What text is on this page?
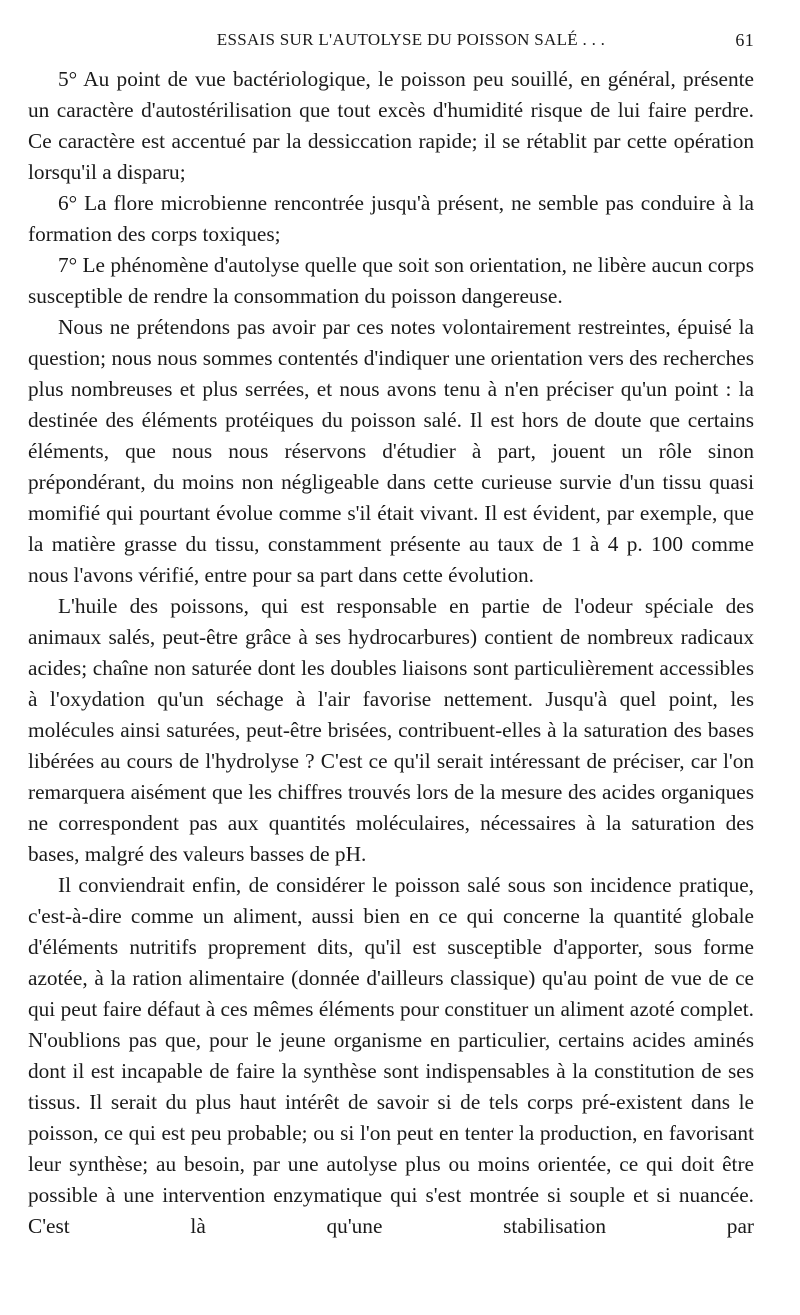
ESSAIS SUR L'AUTOLYSE DU POISSON SALÉ . . .	61

5° Au point de vue bactériologique, le poisson peu souillé, en général, présente un caractère d'autostérilisation que tout excès d'humidité risque de lui faire perdre. Ce caractère est accentué par la dessiccation rapide; il se rétablit par cette opération lorsqu'il a disparu;

6° La flore microbienne rencontrée jusqu'à présent, ne semble pas conduire à la formation des corps toxiques;

7° Le phénomène d'autolyse quelle que soit son orientation, ne libère aucun corps susceptible de rendre la consommation du poisson dangereuse.

Nous ne prétendons pas avoir par ces notes volontairement restreintes, épuisé la question; nous nous sommes contentés d'indiquer une orientation vers des recherches plus nombreuses et plus serrées, et nous avons tenu à n'en préciser qu'un point : la destinée des éléments protéiques du poisson salé. Il est hors de doute que certains éléments, que nous nous réservons d'étudier à part, jouent un rôle sinon prépondérant, du moins non négligeable dans cette curieuse survie d'un tissu quasi momifié qui pourtant évolue comme s'il était vivant. Il est évident, par exemple, que la matière grasse du tissu, constamment présente au taux de 1 à 4 p. 100 comme nous l'avons vérifié, entre pour sa part dans cette évolution.

L'huile des poissons, qui est responsable en partie de l'odeur spéciale des animaux salés, peut-être grâce à ses hydrocarbures) contient de nombreux radicaux acides; chaîne non saturée dont les doubles liaisons sont particulièrement accessibles à l'oxydation qu'un séchage à l'air favorise nettement. Jusqu'à quel point, les molécules ainsi saturées, peut-être brisées, contribuent-elles à la saturation des bases libérées au cours de l'hydrolyse ? C'est ce qu'il serait intéressant de préciser, car l'on remarquera aisément que les chiffres trouvés lors de la mesure des acides organiques ne correspondent pas aux quantités moléculaires, nécessaires à la saturation des bases, malgré des valeurs basses de pH.

Il conviendrait enfin, de considérer le poisson salé sous son incidence pratique, c'est-à-dire comme un aliment, aussi bien en ce qui concerne la quantité globale d'éléments nutritifs proprement dits, qu'il est susceptible d'apporter, sous forme azotée, à la ration alimentaire (donnée d'ailleurs classique) qu'au point de vue de ce qui peut faire défaut à ces mêmes éléments pour constituer un aliment azoté complet. N'oublions pas que, pour le jeune organisme en particulier, certains acides aminés dont il est incapable de faire la synthèse sont indispensables à la constitution de ses tissus. Il serait du plus haut intérêt de savoir si de tels corps pré-existent dans le poisson, ce qui est peu probable; ou si l'on peut en tenter la production, en favorisant leur synthèse; au besoin, par une autolyse plus ou moins orientée, ce qui doit être possible à une intervention enzymatique qui s'est montrée si souple et si nuancée. C'est là qu'une stabilisation par
